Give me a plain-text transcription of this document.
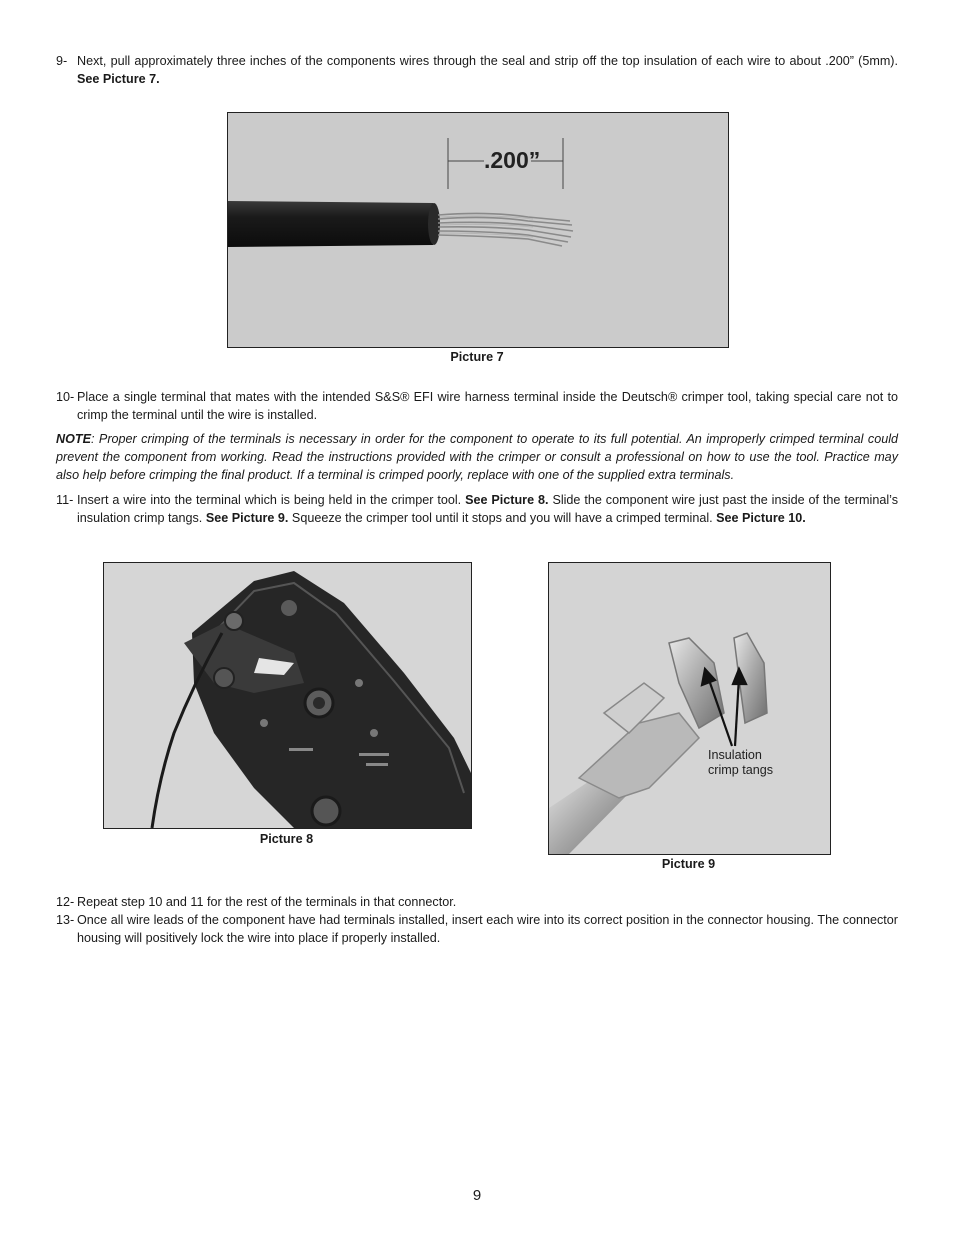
9- Next, pull approximately three inches of the components wires through the seal and strip off the top insulation of each wire to about .200” (5mm). See Picture 7.
.200”
Picture 7
10- Place a single terminal that mates with the intended S&S® EFI wire harness terminal inside the Deutsch® crimper tool, taking special care not to crimp the terminal until the wire is installed.
NOTE: Proper crimping of the terminals is necessary in order for the component to operate to its full potential. An improperly crimped terminal could prevent the component from working. Read the instructions provided with the crimper or consult a professional on how to use the tool. Practice may also help before crimping the final product. If a terminal is crimped poorly, replace with one of the supplied extra terminals.
11- Insert a wire into the terminal which is being held in the crimper tool. See Picture 8. Slide the component wire just past the inside of the terminal’s insulation crimp tangs. See Picture 9. Squeeze the crimper tool until it stops and you will have a crimped terminal. See Picture 10.
Picture 8
Insulation
crimp tangs
Picture 9
12- Repeat step 10 and 11 for the rest of the terminals in that connector.
13- Once all wire leads of the component have had terminals installed, insert each wire into its correct position in the connector housing. The connector housing will positively lock the wire into place if properly installed.
9
